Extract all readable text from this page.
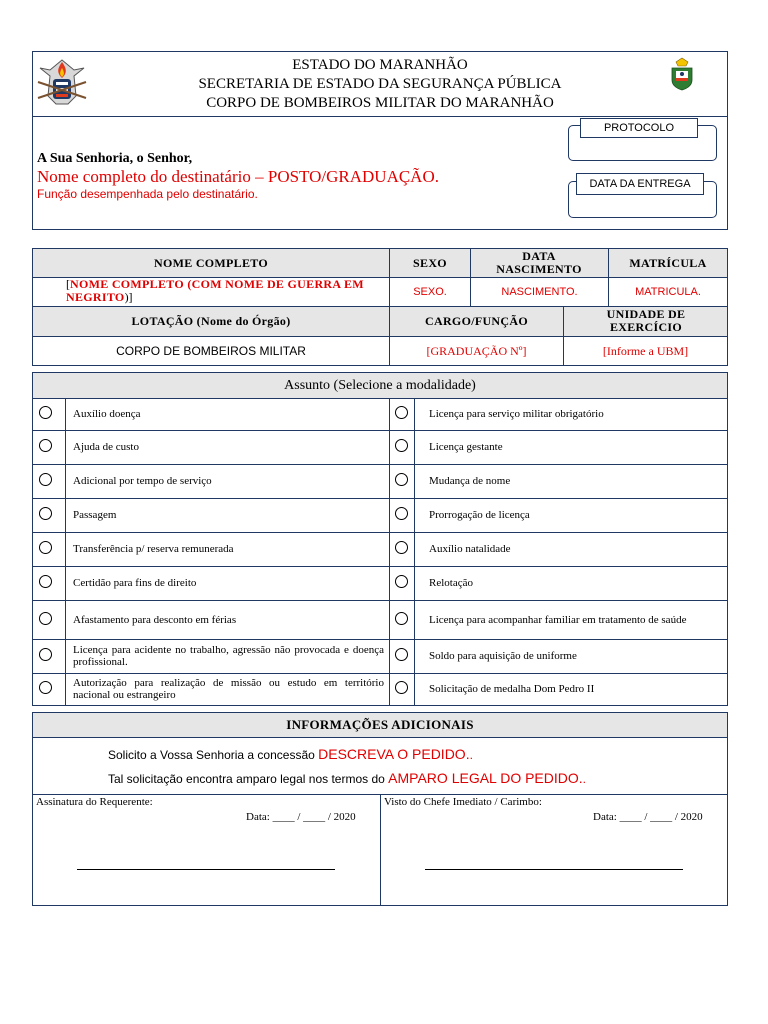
ESTADO DO MARANHÃO
SECRETARIA DE ESTADO DA SEGURANÇA PÚBLICA
CORPO DE BOMBEIROS MILITAR DO MARANHÃO
A Sua Senhoria, o Senhor,
Nome completo do destinatário – POSTO/GRADUAÇÃO.
Função desempenhada pelo destinatário.
PROTOCOLO
DATA DA ENTREGA
NOME COMPLETO	SEXO	DATA NASCIMENTO	MATRÍCULA
[NOME COMPLETO (COM NOME DE GUERRA EM NEGRITO)]	SEXO.	NASCIMENTO.	MATRICULA.
LOTAÇÃO (Nome do Órgão)	CARGO/FUNÇÃO	UNIDADE DE EXERCÍCIO
CORPO DE BOMBEIROS MILITAR	[GRADUAÇÃO Nº]	[Informe a UBM]
Assunto (Selecione a modalidade)
Auxílio doença	Licença para serviço militar obrigatório
Ajuda de custo	Licença gestante
Adicional por tempo de serviço	Mudança de nome
Passagem	Prorrogação de licença
Transferência p/ reserva remunerada	Auxílio natalidade
Certidão para fins de direito	Relotação
Afastamento para desconto em férias	Licença para acompanhar familiar em tratamento de saúde
Licença para acidente no trabalho, agressão não provocada e doença profissional.	Soldo para aquisição de uniforme
Autorização para realização de missão ou estudo em território nacional ou estrangeiro	Solicitação de medalha Dom Pedro II
INFORMAÇÕES ADICIONAIS
Solicito a Vossa Senhoria a concessão DESCREVA O PEDIDO..
Tal solicitação encontra amparo legal nos termos do AMPARO LEGAL DO PEDIDO..
Assinatura do Requerente:
Data: ____ / ____ / 2020
Visto do Chefe Imediato / Carimbo:
Data: ____ / ____ / 2020
